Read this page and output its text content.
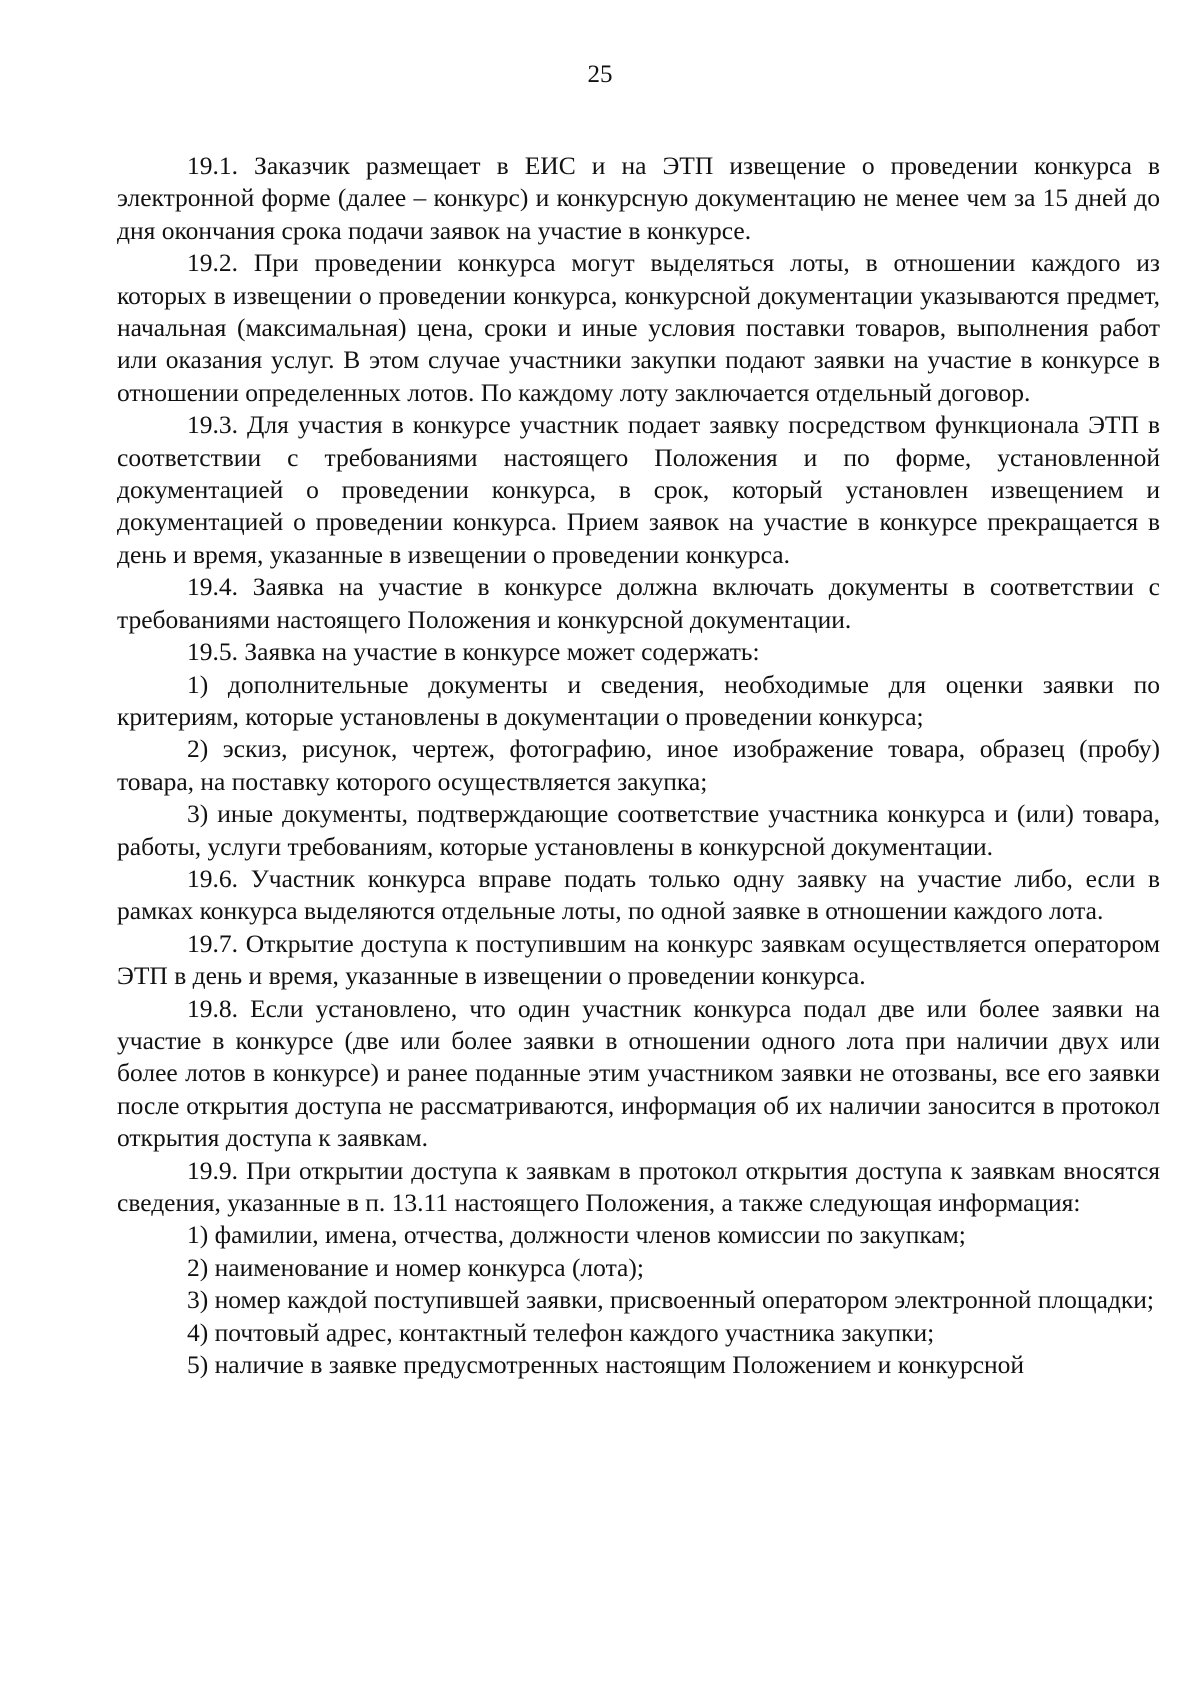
25

19.1. Заказчик размещает в ЕИС и на ЭТП извещение о проведении конкурса в электронной форме (далее – конкурс) и конкурсную документацию не менее чем за 15 дней до дня окончания срока подачи заявок на участие в конкурсе.

19.2. При проведении конкурса могут выделяться лоты, в отношении каждого из которых в извещении о проведении конкурса, конкурсной документации указываются предмет, начальная (максимальная) цена, сроки и иные условия поставки товаров, выполнения работ или оказания услуг. В этом случае участники закупки подают заявки на участие в конкурсе в отношении определенных лотов. По каждому лоту заключается отдельный договор.

19.3. Для участия в конкурсе участник подает заявку посредством функционала ЭТП в соответствии с требованиями настоящего Положения и по форме, установленной документацией о проведении конкурса, в срок, который установлен извещением и документацией о проведении конкурса. Прием заявок на участие в конкурсе прекращается в день и время, указанные в извещении о проведении конкурса.

19.4. Заявка на участие в конкурсе должна включать документы в соответствии с требованиями настоящего Положения и конкурсной документации.

19.5. Заявка на участие в конкурсе может содержать:

1) дополнительные документы и сведения, необходимые для оценки заявки по критериям, которые установлены в документации о проведении конкурса;

2) эскиз, рисунок, чертеж, фотографию, иное изображение товара, образец (пробу) товара, на поставку которого осуществляется закупка;

3) иные документы, подтверждающие соответствие участника конкурса и (или) товара, работы, услуги требованиям, которые установлены в конкурсной документации.

19.6. Участник конкурса вправе подать только одну заявку на участие либо, если в рамках конкурса выделяются отдельные лоты, по одной заявке в отношении каждого лота.

19.7. Открытие доступа к поступившим на конкурс заявкам осуществляется оператором ЭТП в день и время, указанные в извещении о проведении конкурса.

19.8. Если установлено, что один участник конкурса подал две или более заявки на участие в конкурсе (две или более заявки в отношении одного лота при наличии двух или более лотов в конкурсе) и ранее поданные этим участником заявки не отозваны, все его заявки после открытия доступа не рассматриваются, информация об их наличии заносится в протокол открытия доступа к заявкам.

19.9. При открытии доступа к заявкам в протокол открытия доступа к заявкам вносятся сведения, указанные в п. 13.11 настоящего Положения, а также следующая информация:

1) фамилии, имена, отчества, должности членов комиссии по закупкам;

2) наименование и номер конкурса (лота);

3) номер каждой поступившей заявки, присвоенный оператором электронной площадки;

4) почтовый адрес, контактный телефон каждого участника закупки;

5) наличие в заявке предусмотренных настоящим Положением и конкурсной
